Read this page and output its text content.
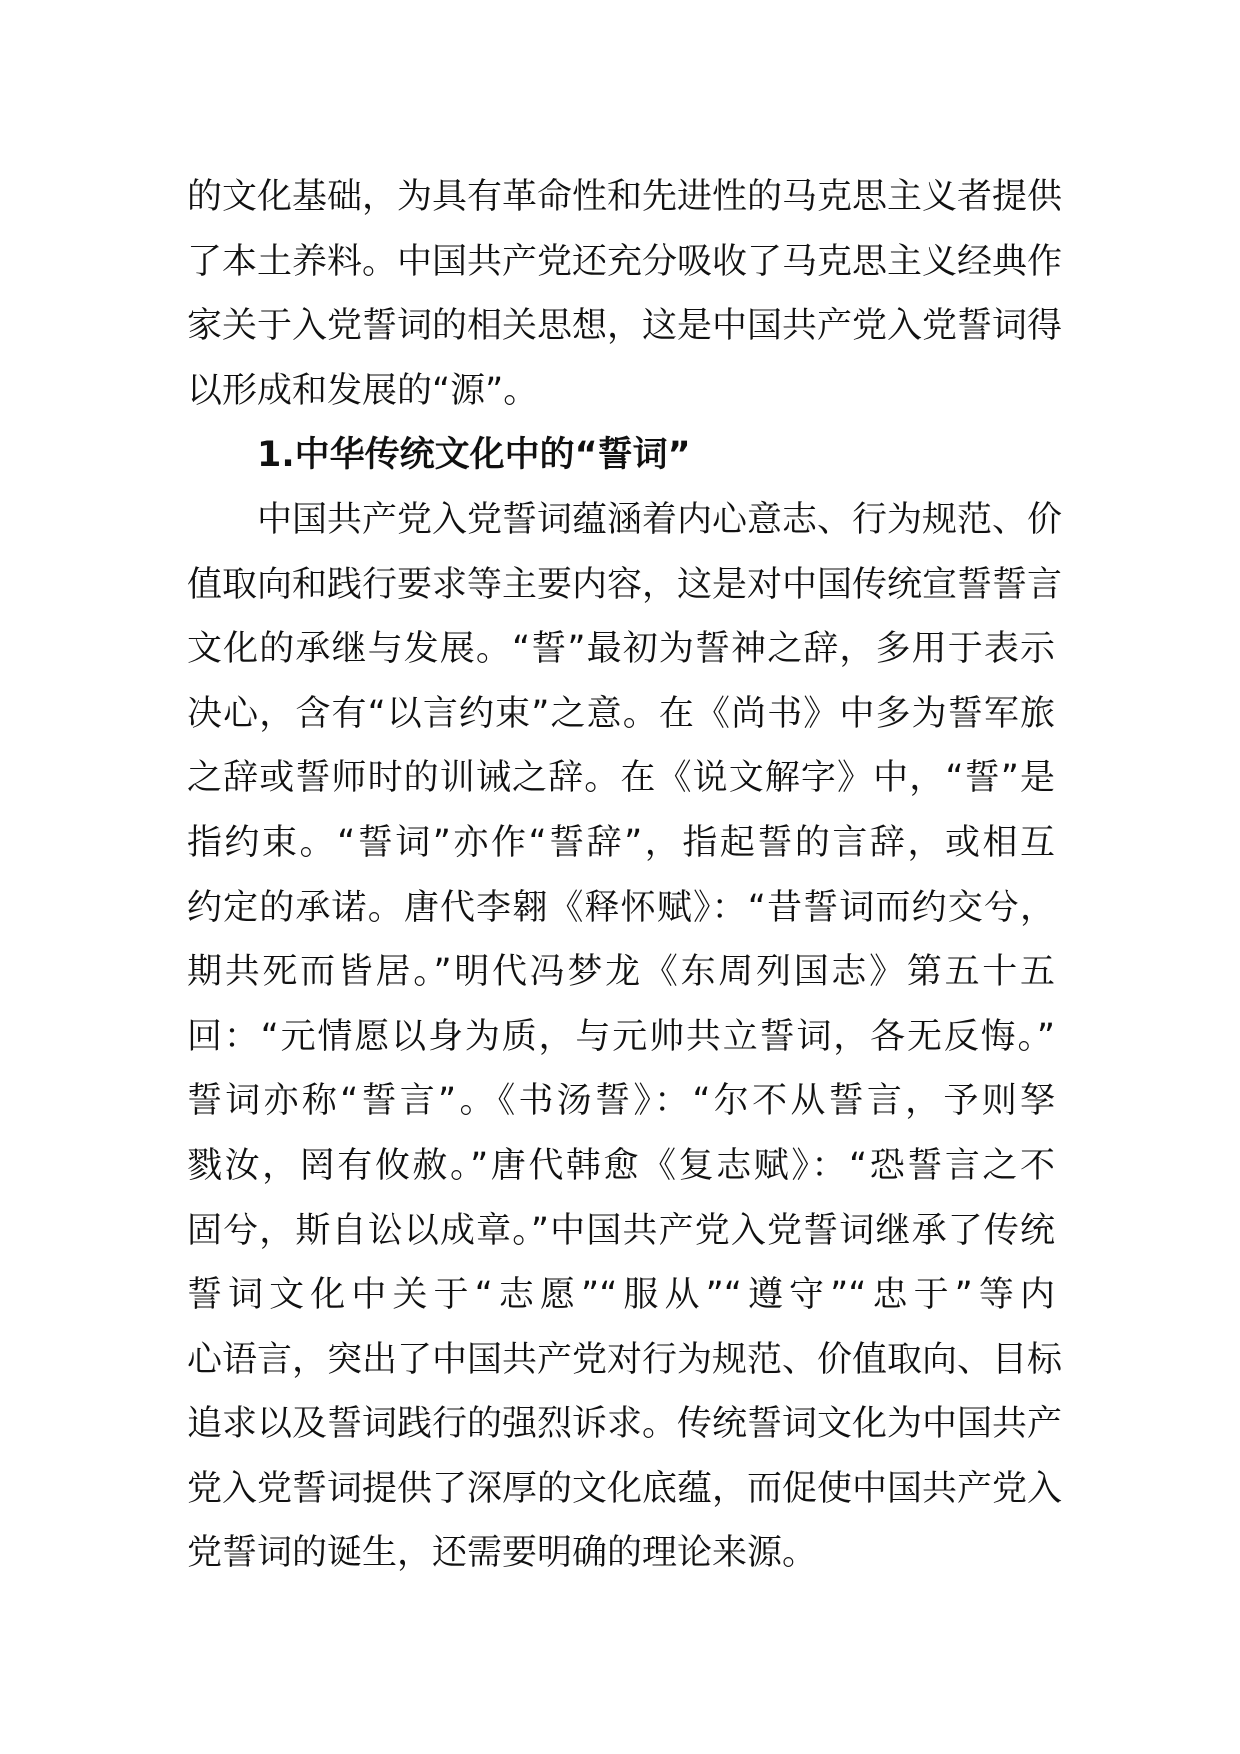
的文化基础，为具有革命性和先进性的马克思主义者提供
了本土养料。中国共产党还充分吸收了马克思主义经典作
家关于入党誓词的相关思想，这是中国共产党入党誓词得
以形成和发展的“源”。
1.中华传统文化中的“誓词”
中国共产党入党誓词蕴涵着内心意志、行为规范、价
值取向和践行要求等主要内容，这是对中国传统宣誓誓言
文化的承继与发展。“誓”最初为誓神之辞，多用于表示
决心，含有“以言约束”之意。在《尚书》中多为誓军旅
之辞或誓师时的训诫之辞。在《说文解字》中，“誓”是
指约束。“誓词”亦作“誓辞”，指起誓的言辞，或相互
约定的承诺。唐代李翱《释怀赋》：“昔誓词而约交兮，
期共死而皆居。”明代冯梦龙《东周列国志》第五十五
回：“元情愿以身为质，与元帅共立誓词，各无反悔。”
誓词亦称“誓言”。《书汤誓》：“尔不从誓言，予则孥
戮汝，罔有攸赦。”唐代韩愈《复志赋》：“恐誓言之不
固兮，斯自讼以成章。”中国共产党入党誓词继承了传统
誓词文化中关于“志愿”“服从”“遵守”“忠于”等内
心语言，突出了中国共产党对行为规范、价值取向、目标
追求以及誓词践行的强烈诉求。传统誓词文化为中国共产
党入党誓词提供了深厚的文化底蕴，而促使中国共产党入
党誓词的诞生，还需要明确的理论来源。
